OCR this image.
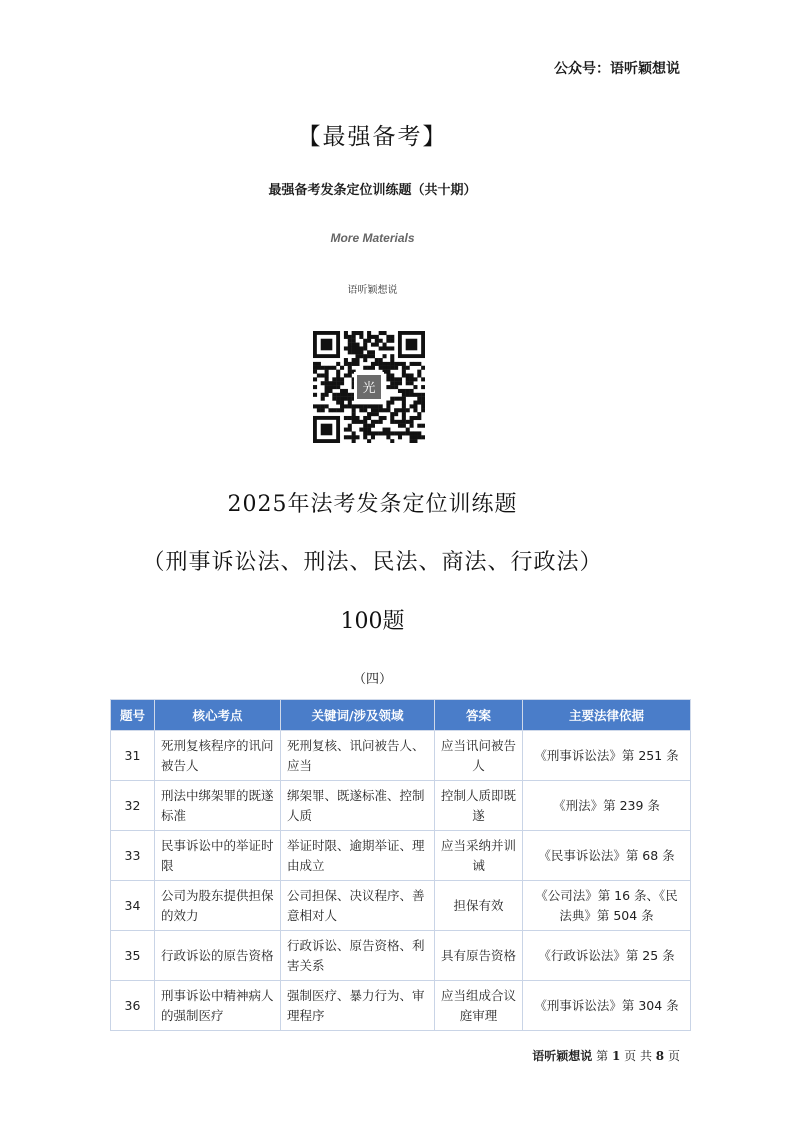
公众号：语听颖想说
【最强备考】
最强备考发条定位训练题（共十期）
More Materials
语听颖想说
光
2025年法考发条定位训练题
（刑事诉讼法、刑法、民法、商法、行政法）
100题
（四）
题号	核心考点	关键词/涉及领域	答案	主要法律依据
31	死刑复核程序的讯问被告人	死刑复核、讯问被告人、应当	应当讯问被告人	《刑事诉讼法》第 251 条
32	刑法中绑架罪的既遂标准	绑架罪、既遂标准、控制人质	控制人质即既遂	《刑法》第 239 条
33	民事诉讼中的举证时限	举证时限、逾期举证、理由成立	应当采纳并训诫	《民事诉讼法》第 68 条
34	公司为股东提供担保的效力	公司担保、决议程序、善意相对人	担保有效	《公司法》第 16 条、《民法典》第 504 条
35	行政诉讼的原告资格	行政诉讼、原告资格、利害关系	具有原告资格	《行政诉讼法》第 25 条
36	刑事诉讼中精神病人的强制医疗	强制医疗、暴力行为、审理程序	应当组成合议庭审理	《刑事诉讼法》第 304 条
语听颖想说 第 1 页 共 8 页
